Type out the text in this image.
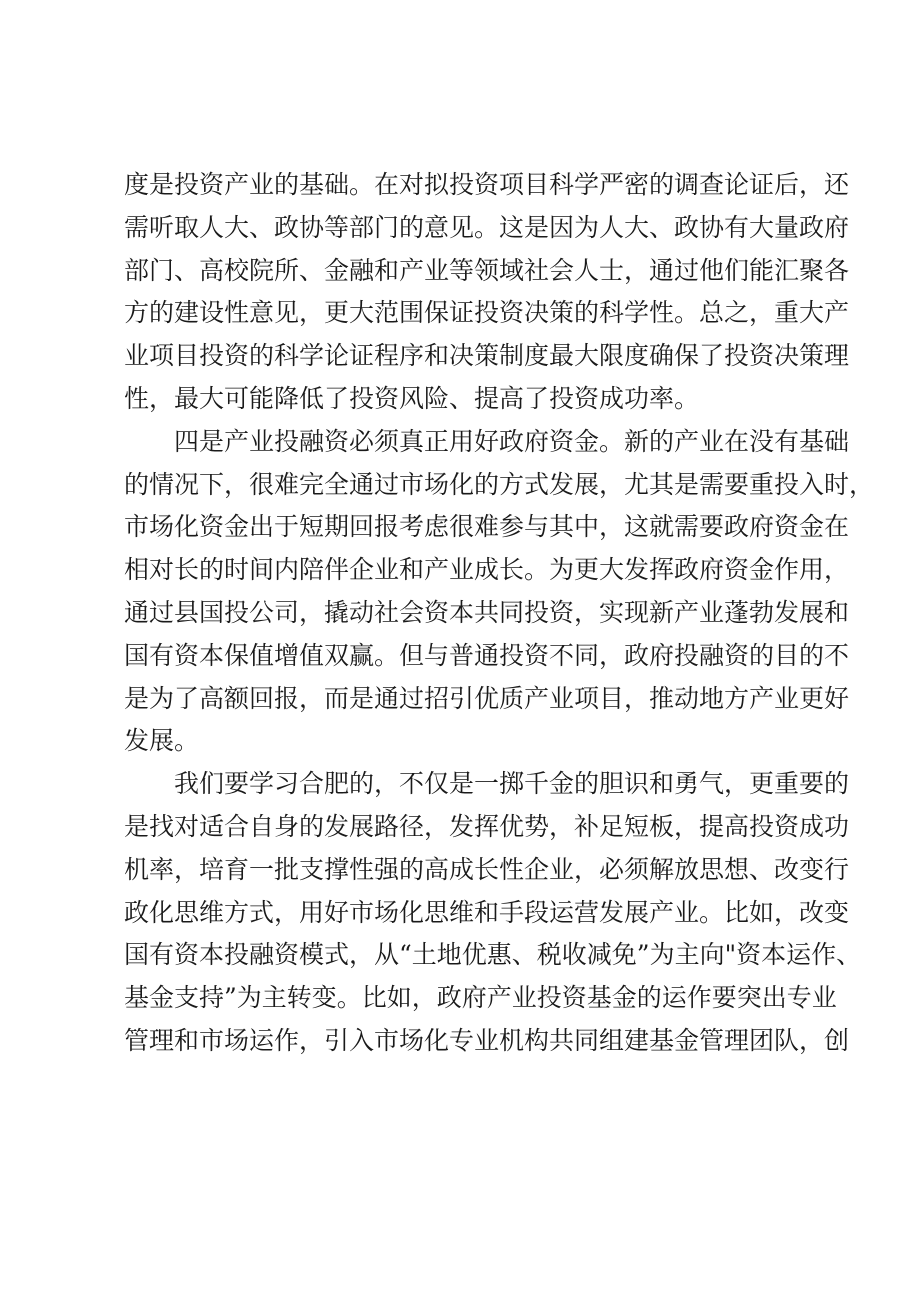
度是投资产业的基础。在对拟投资项目科学严密的调查论证后，还
需听取人大、政协等部门的意见。这是因为人大、政协有大量政府
部门、高校院所、金融和产业等领域社会人士，通过他们能汇聚各
方的建设性意见，更大范围保证投资决策的科学性。总之，重大产
业项目投资的科学论证程序和决策制度最大限度确保了投资决策理
性，最大可能降低了投资风险、提高了投资成功率。
四是产业投融资必须真正用好政府资金。新的产业在没有基础
的情况下，很难完全通过市场化的方式发展，尤其是需要重投入时，
市场化资金出于短期回报考虑很难参与其中，这就需要政府资金在
相对长的时间内陪伴企业和产业成长。为更大发挥政府资金作用，
通过县国投公司，撬动社会资本共同投资，实现新产业蓬勃发展和
国有资本保值增值双赢。但与普通投资不同，政府投融资的目的不
是为了高额回报，而是通过招引优质产业项目，推动地方产业更好
发展。
我们要学习合肥的，不仅是一掷千金的胆识和勇气，更重要的
是找对适合自身的发展路径，发挥优势，补足短板，提高投资成功
机率，培育一批支撑性强的高成长性企业，必须解放思想、改变行
政化思维方式，用好市场化思维和手段运营发展产业。比如，改变
国有资本投融资模式，从“土地优惠、税收减免”为主向"资本运作、
基金支持”为主转变。比如，政府产业投资基金的运作要突出专业
管理和市场运作，引入市场化专业机构共同组建基金管理团队，创
